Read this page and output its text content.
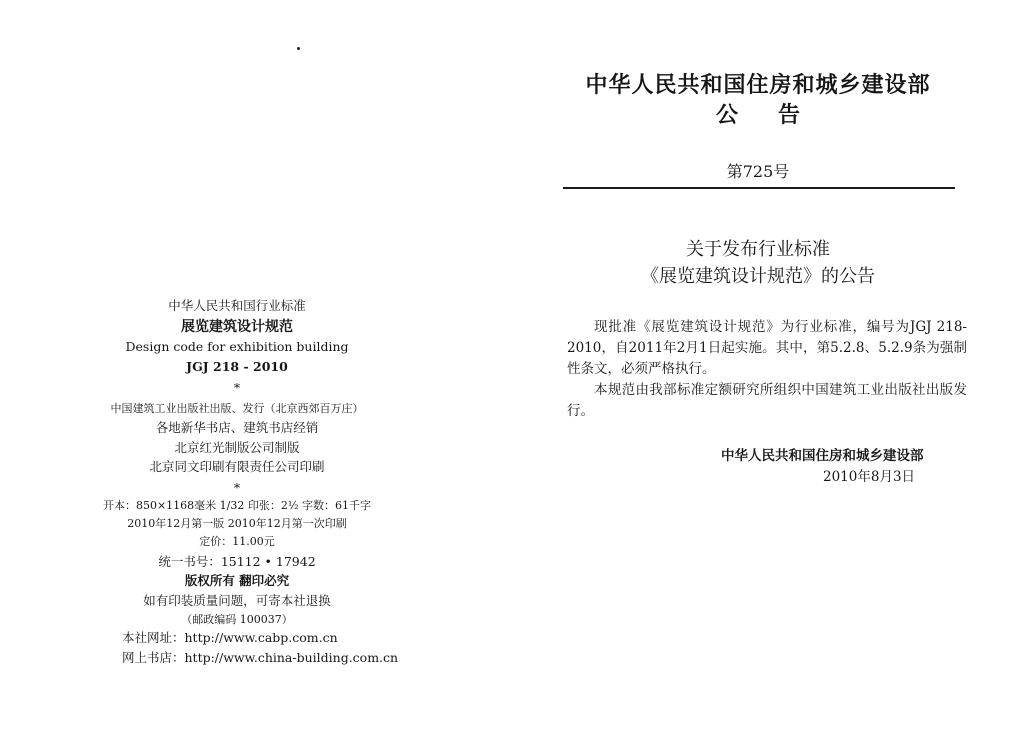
中华人民共和国行业标准
展览建筑设计规范
Design code for exhibition building
JGJ 218 - 2010
*
中国建筑工业出版社出版、发行（北京西郊百万庄）
各地新华书店、建筑书店经销
北京红光制版公司制版
北京同文印刷有限责任公司印刷
*
开本：850×1168毫米 1/32 印张：2½ 字数：61千字
2010年12月第一版 2010年12月第一次印刷
定价：11.00元
统一书号：15112 • 17942
版权所有 翻印必究
如有印装质量问题，可寄本社退换
（邮政编码 100037）
本社网址：http://www.cabp.com.cn
网上书店：http://www.china-building.com.cn
中华人民共和国住房和城乡建设部
公告
第725号
关于发布行业标准
《展览建筑设计规范》的公告
现批准《展览建筑设计规范》为行业标准，编号为JGJ 218-2010，自2011年2月1日起实施。其中，第5.2.8、5.2.9条为强制性条文，必须严格执行。
本规范由我部标准定额研究所组织中国建筑工业出版社出版发行。
中华人民共和国住房和城乡建设部
2010年8月3日
